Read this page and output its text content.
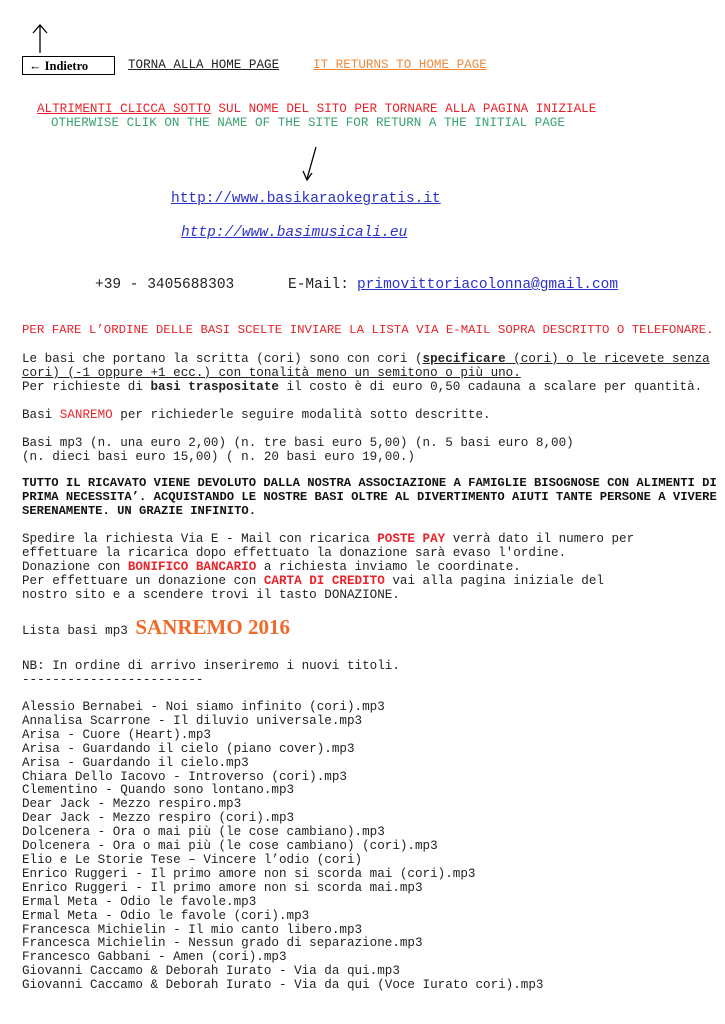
← Indietro	TORNA ALLA HOME PAGE	IT RETURNS TO HOME PAGE
ALTRIMENTI CLICCA SOTTO SUL NOME DEL SITO PER TORNARE ALLA PAGINA INIZIALE
OTHERWISE CLIK ON THE NAME OF THE SITE FOR RETURN A THE INITIAL PAGE
http://www.basikaraokegratis.it
http://www.basimusicali.eu
+39 - 3405688303	E-Mail: primovittoriacolonna@gmail.com
PER FARE L’ORDINE DELLE BASI SCELTE INVIARE LA LISTA VIA E-MAIL SOPRA DESCRITTO O TELEFONARE.
Le basi che portano la scritta (cori) sono con cori (specificare (cori) o le ricevete senza
cori) (-1 oppure +1 ecc.) con tonalità meno un semitono o più uno.
Per richieste di basi traspositate il costo è di euro 0,50 cadauna a scalare per quantità.
Basi SANREMO per richiederle seguire modalità sotto descritte.
Basi mp3 (n. una euro 2,00) (n. tre basi euro 5,00) (n. 5 basi euro 8,00)
(n. dieci basi euro 15,00) ( n. 20 basi euro 19,00.)
TUTTO IL RICAVATO VIENE DEVOLUTO DALLA NOSTRA ASSOCIAZIONE A FAMIGLIE BISOGNOSE CON ALIMENTI DI
PRIMA NECESSITA’. ACQUISTANDO LE NOSTRE BASI OLTRE AL DIVERTIMENTO AIUTI TANTE PERSONE A VIVERE
SERENAMENTE. UN GRAZIE INFINITO.
Spedire la richiesta Via E - Mail con ricarica POSTE PAY verrà dato il numero per
effettuare la ricarica dopo effettuato la donazione sarà evaso l'ordine.
Donazione con BONIFICO BANCARIO a richiesta inviamo le coordinate.
Per effettuare un donazione con CARTA DI CREDITO vai alla pagina iniziale del
nostro sito e a scendere trovi il tasto DONAZIONE.
Lista basi mp3 SANREMO 2016
NB: In ordine di arrivo inseriremo i nuovi titoli.
------------------------
Alessio Bernabei - Noi siamo infinito (cori).mp3
Annalisa Scarrone - Il diluvio universale.mp3
Arisa - Cuore (Heart).mp3
Arisa - Guardando il cielo (piano cover).mp3
Arisa - Guardando il cielo.mp3
Chiara Dello Iacovo - Introverso (cori).mp3
Clementino - Quando sono lontano.mp3
Dear Jack - Mezzo respiro.mp3
Dear Jack - Mezzo respiro (cori).mp3
Dolcenera - Ora o mai più (le cose cambiano).mp3
Dolcenera - Ora o mai più (le cose cambiano) (cori).mp3
Elio e Le Storie Tese – Vincere l’odio (cori)
Enrico Ruggeri - Il primo amore non si scorda mai (cori).mp3
Enrico Ruggeri - Il primo amore non si scorda mai.mp3
Ermal Meta - Odio le favole.mp3
Ermal Meta - Odio le favole (cori).mp3
Francesca Michielin - Il mio canto libero.mp3
Francesca Michielin - Nessun grado di separazione.mp3
Francesco Gabbani - Amen (cori).mp3
Giovanni Caccamo & Deborah Iurato - Via da qui.mp3
Giovanni Caccamo & Deborah Iurato - Via da qui (Voce Iurato cori).mp3
